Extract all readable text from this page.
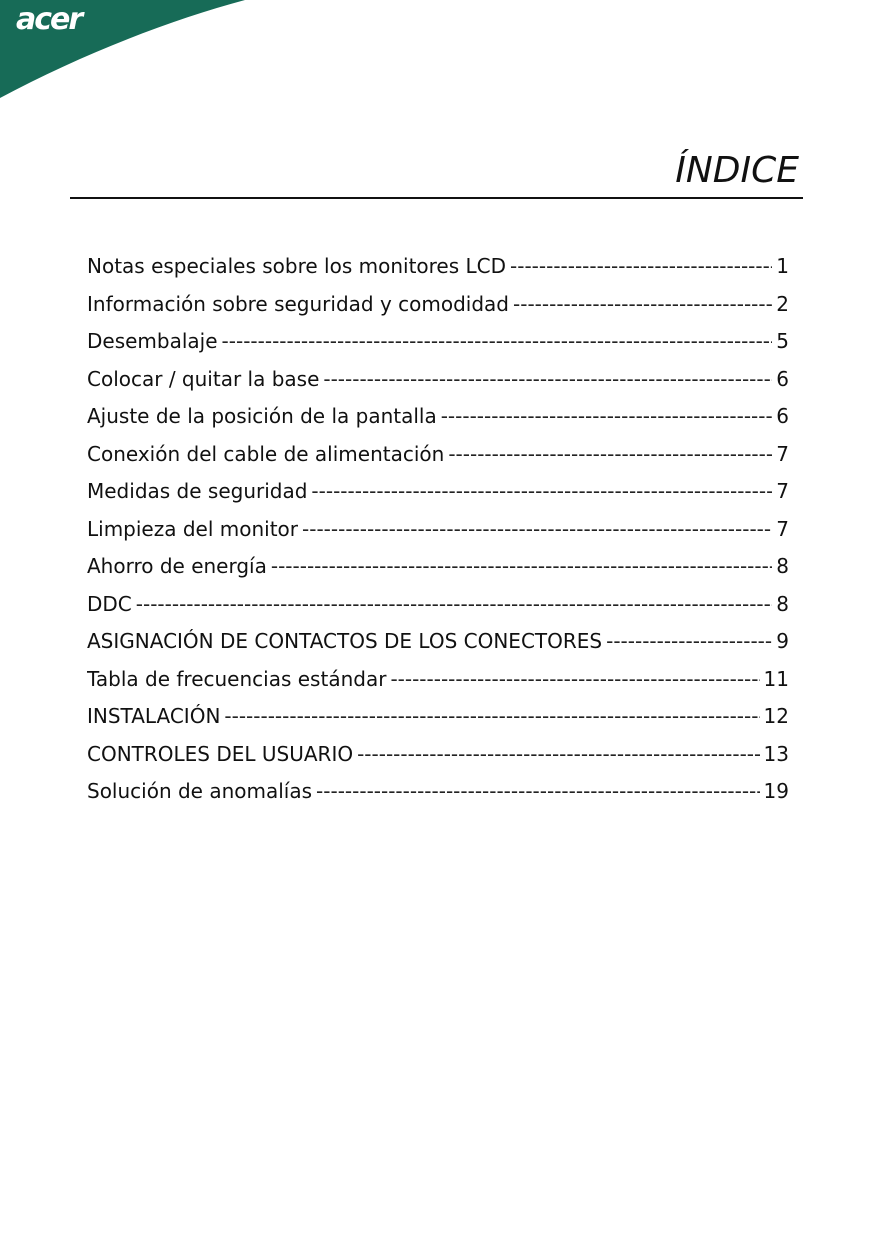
acer
ÍNDICE
Notas especiales sobre los monitores LCD -----	1
Información sobre seguridad y comodidad -----	2
Desembalaje -----	5
Colocar / quitar la base -----	6
Ajuste de la posición de la pantalla -----	6
Conexión del cable de alimentación -----	7
Medidas de seguridad -----	7
Limpieza del monitor -----	7
Ahorro de energía -----	8
DDC -----	8
ASIGNACIÓN DE CONTACTOS DE LOS CONECTORES -----	9
Tabla de frecuencias estándar -----	11
INSTALACIÓN -----	12
CONTROLES DEL USUARIO -----	13
Solución de anomalías -----	19
